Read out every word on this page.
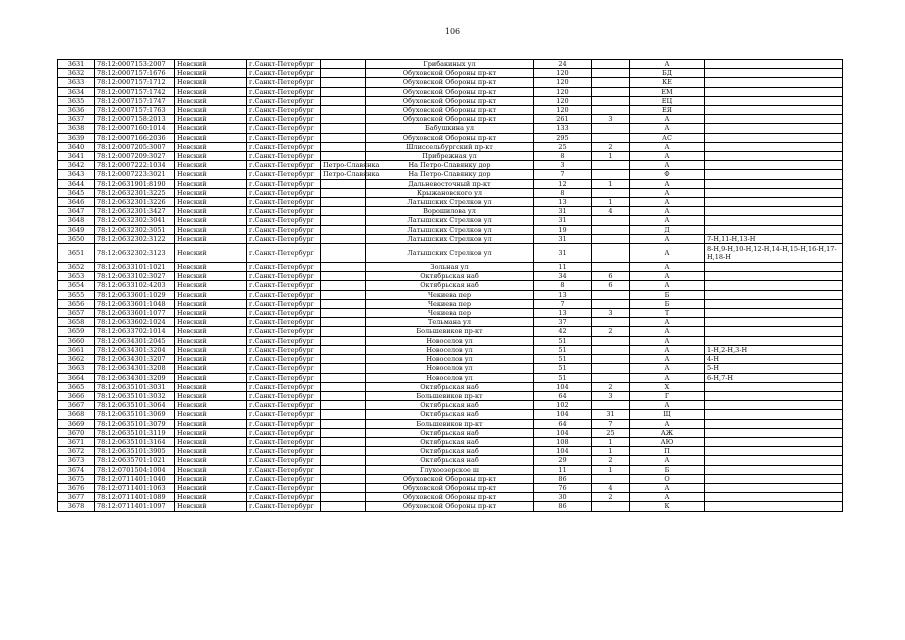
106
3631	78:12:0007153:2007	Невский	г.Санкт-Петербург		Грибакиных ул	24		А	
3632	78:12:0007157:1676	Невский	г.Санкт-Петербург		Обуховской Обороны пр-кт	120		БД	
3633	78:12:0007157:1712	Невский	г.Санкт-Петербург		Обуховской Обороны пр-кт	120		КЕ	
3634	78:12:0007157:1742	Невский	г.Санкт-Петербург		Обуховской Обороны пр-кт	120		ЕМ	
3635	78:12:0007157:1747	Невский	г.Санкт-Петербург		Обуховской Обороны пр-кт	120		ЕЦ	
3636	78:12:0007157:1763	Невский	г.Санкт-Петербург		Обуховской Обороны пр-кт	120		ЕЯ	
3637	78:12:0007158:2013	Невский	г.Санкт-Петербург		Обуховской Обороны пр-кт	261	3	А	
3638	78:12:0007160:1014	Невский	г.Санкт-Петербург		Бабушкина ул	133		А	
3639	78:12:0007166:2036	Невский	г.Санкт-Петербург		Обуховской Обороны пр-кт	295		АС	
3640	78:12:0007205:3007	Невский	г.Санкт-Петербург		Шлиссельбургский пр-кт	25	2	А	
3641	78:12:0007209:3027	Невский	г.Санкт-Петербург		Прибрежная ул	8	1	А	
3642	78:12:0007222:1034	Невский	г.Санкт-Петербург	Петро-Славянка	На Петро-Славянку дор	3		А	
3643	78:12:0007223:3021	Невский	г.Санкт-Петербург	Петро-Славянка	На Петро-Славянку дор	7		Ф	
3644	78:12:0631901:8190	Невский	г.Санкт-Петербург		Дальневосточный пр-кт	12	1	А	
3645	78:12:0632301:3225	Невский	г.Санкт-Петербург		Крыжановского ул	8		А	
3646	78:12:0632301:3226	Невский	г.Санкт-Петербург		Латышских Стрелков ул	13	1	А	
3647	78:12:0632301:3427	Невский	г.Санкт-Петербург		Ворошилова ул	31	4	А	
3648	78:12:0632302:3041	Невский	г.Санкт-Петербург		Латышских Стрелков ул	31		А	
3649	78:12:0632302:3051	Невский	г.Санкт-Петербург		Латышских Стрелков ул	19		Д	
3650	78:12:0632302:3122	Невский	г.Санкт-Петербург		Латышских Стрелков ул	31		А	7-Н,11-Н,13-Н
3651	78:12:0632302:3123	Невский	г.Санкт-Петербург		Латышских Стрелков ул	31		А	8-Н,9-Н,10-Н,12-Н,14-Н,15-Н,16-Н,17-Н,18-Н
3652	78:12:0633101:1021	Невский	г.Санкт-Петербург		Зольная ул	11		А	
3653	78:12:0633102:3027	Невский	г.Санкт-Петербург		Октябрьская наб	34	6	А	
3654	78:12:0633102:4203	Невский	г.Санкт-Петербург		Октябрьская наб	8	6	А	
3655	78:12:0633601:1029	Невский	г.Санкт-Петербург		Чекиева пер	13		Б	
3656	78:12:0633601:1048	Невский	г.Санкт-Петербург		Чекиева пер	7		Б	
3657	78:12:0633601:1077	Невский	г.Санкт-Петербург		Чекиева пер	13	3	Т	
3658	78:12:0633602:1024	Невский	г.Санкт-Петербург		Тельмана ул	37		А	
3659	78:12:0633702:1014	Невский	г.Санкт-Петербург		Большевиков пр-кт	42	2	А	
3660	78:12:0634301:2045	Невский	г.Санкт-Петербург		Новоселов ул	51		А	
3661	78:12:0634301:3204	Невский	г.Санкт-Петербург		Новоселов ул	51		А	1-Н,2-Н,3-Н
3662	78:12:0634301:3207	Невский	г.Санкт-Петербург		Новоселов ул	51		А	4-Н
3663	78:12:0634301:3208	Невский	г.Санкт-Петербург		Новоселов ул	51		А	5-Н
3664	78:12:0634301:3209	Невский	г.Санкт-Петербург		Новоселов ул	51		А	6-Н,7-Н
3665	78:12:0635101:3031	Невский	г.Санкт-Петербург		Октябрьская наб	104	2	Х	
3666	78:12:0635101:3032	Невский	г.Санкт-Петербург		Большевиков пр-кт	64	3	Г	
3667	78:12:0635101:3064	Невский	г.Санкт-Петербург		Октябрьская наб	102		А	
3668	78:12:0635101:3069	Невский	г.Санкт-Петербург		Октябрьская наб	104	31	Щ	
3669	78:12:0635101:3079	Невский	г.Санкт-Петербург		Большевиков пр-кт	64	7	А	
3670	78:12:0635101:3119	Невский	г.Санкт-Петербург		Октябрьская наб	104	25	АЖ	
3671	78:12:0635101:3164	Невский	г.Санкт-Петербург		Октябрьская наб	108	1	АЮ	
3672	78:12:0635101:3905	Невский	г.Санкт-Петербург		Октябрьская наб	104	1	П	
3673	78:12:0635701:1021	Невский	г.Санкт-Петербург		Октябрьская наб	29	2	А	
3674	78:12:0701504:1004	Невский	г.Санкт-Петербург		Глухоозерское ш	11	1	Б	
3675	78:12:0711401:1040	Невский	г.Санкт-Петербург		Обуховской Обороны пр-кт	86		О	
3676	78:12:0711401:1063	Невский	г.Санкт-Петербург		Обуховской Обороны пр-кт	76	4	А	
3677	78:12:0711401:1089	Невский	г.Санкт-Петербург		Обуховской Обороны пр-кт	30	2	А	
3678	78:12:0711401:1097	Невский	г.Санкт-Петербург		Обуховской Обороны пр-кт	86		К	
